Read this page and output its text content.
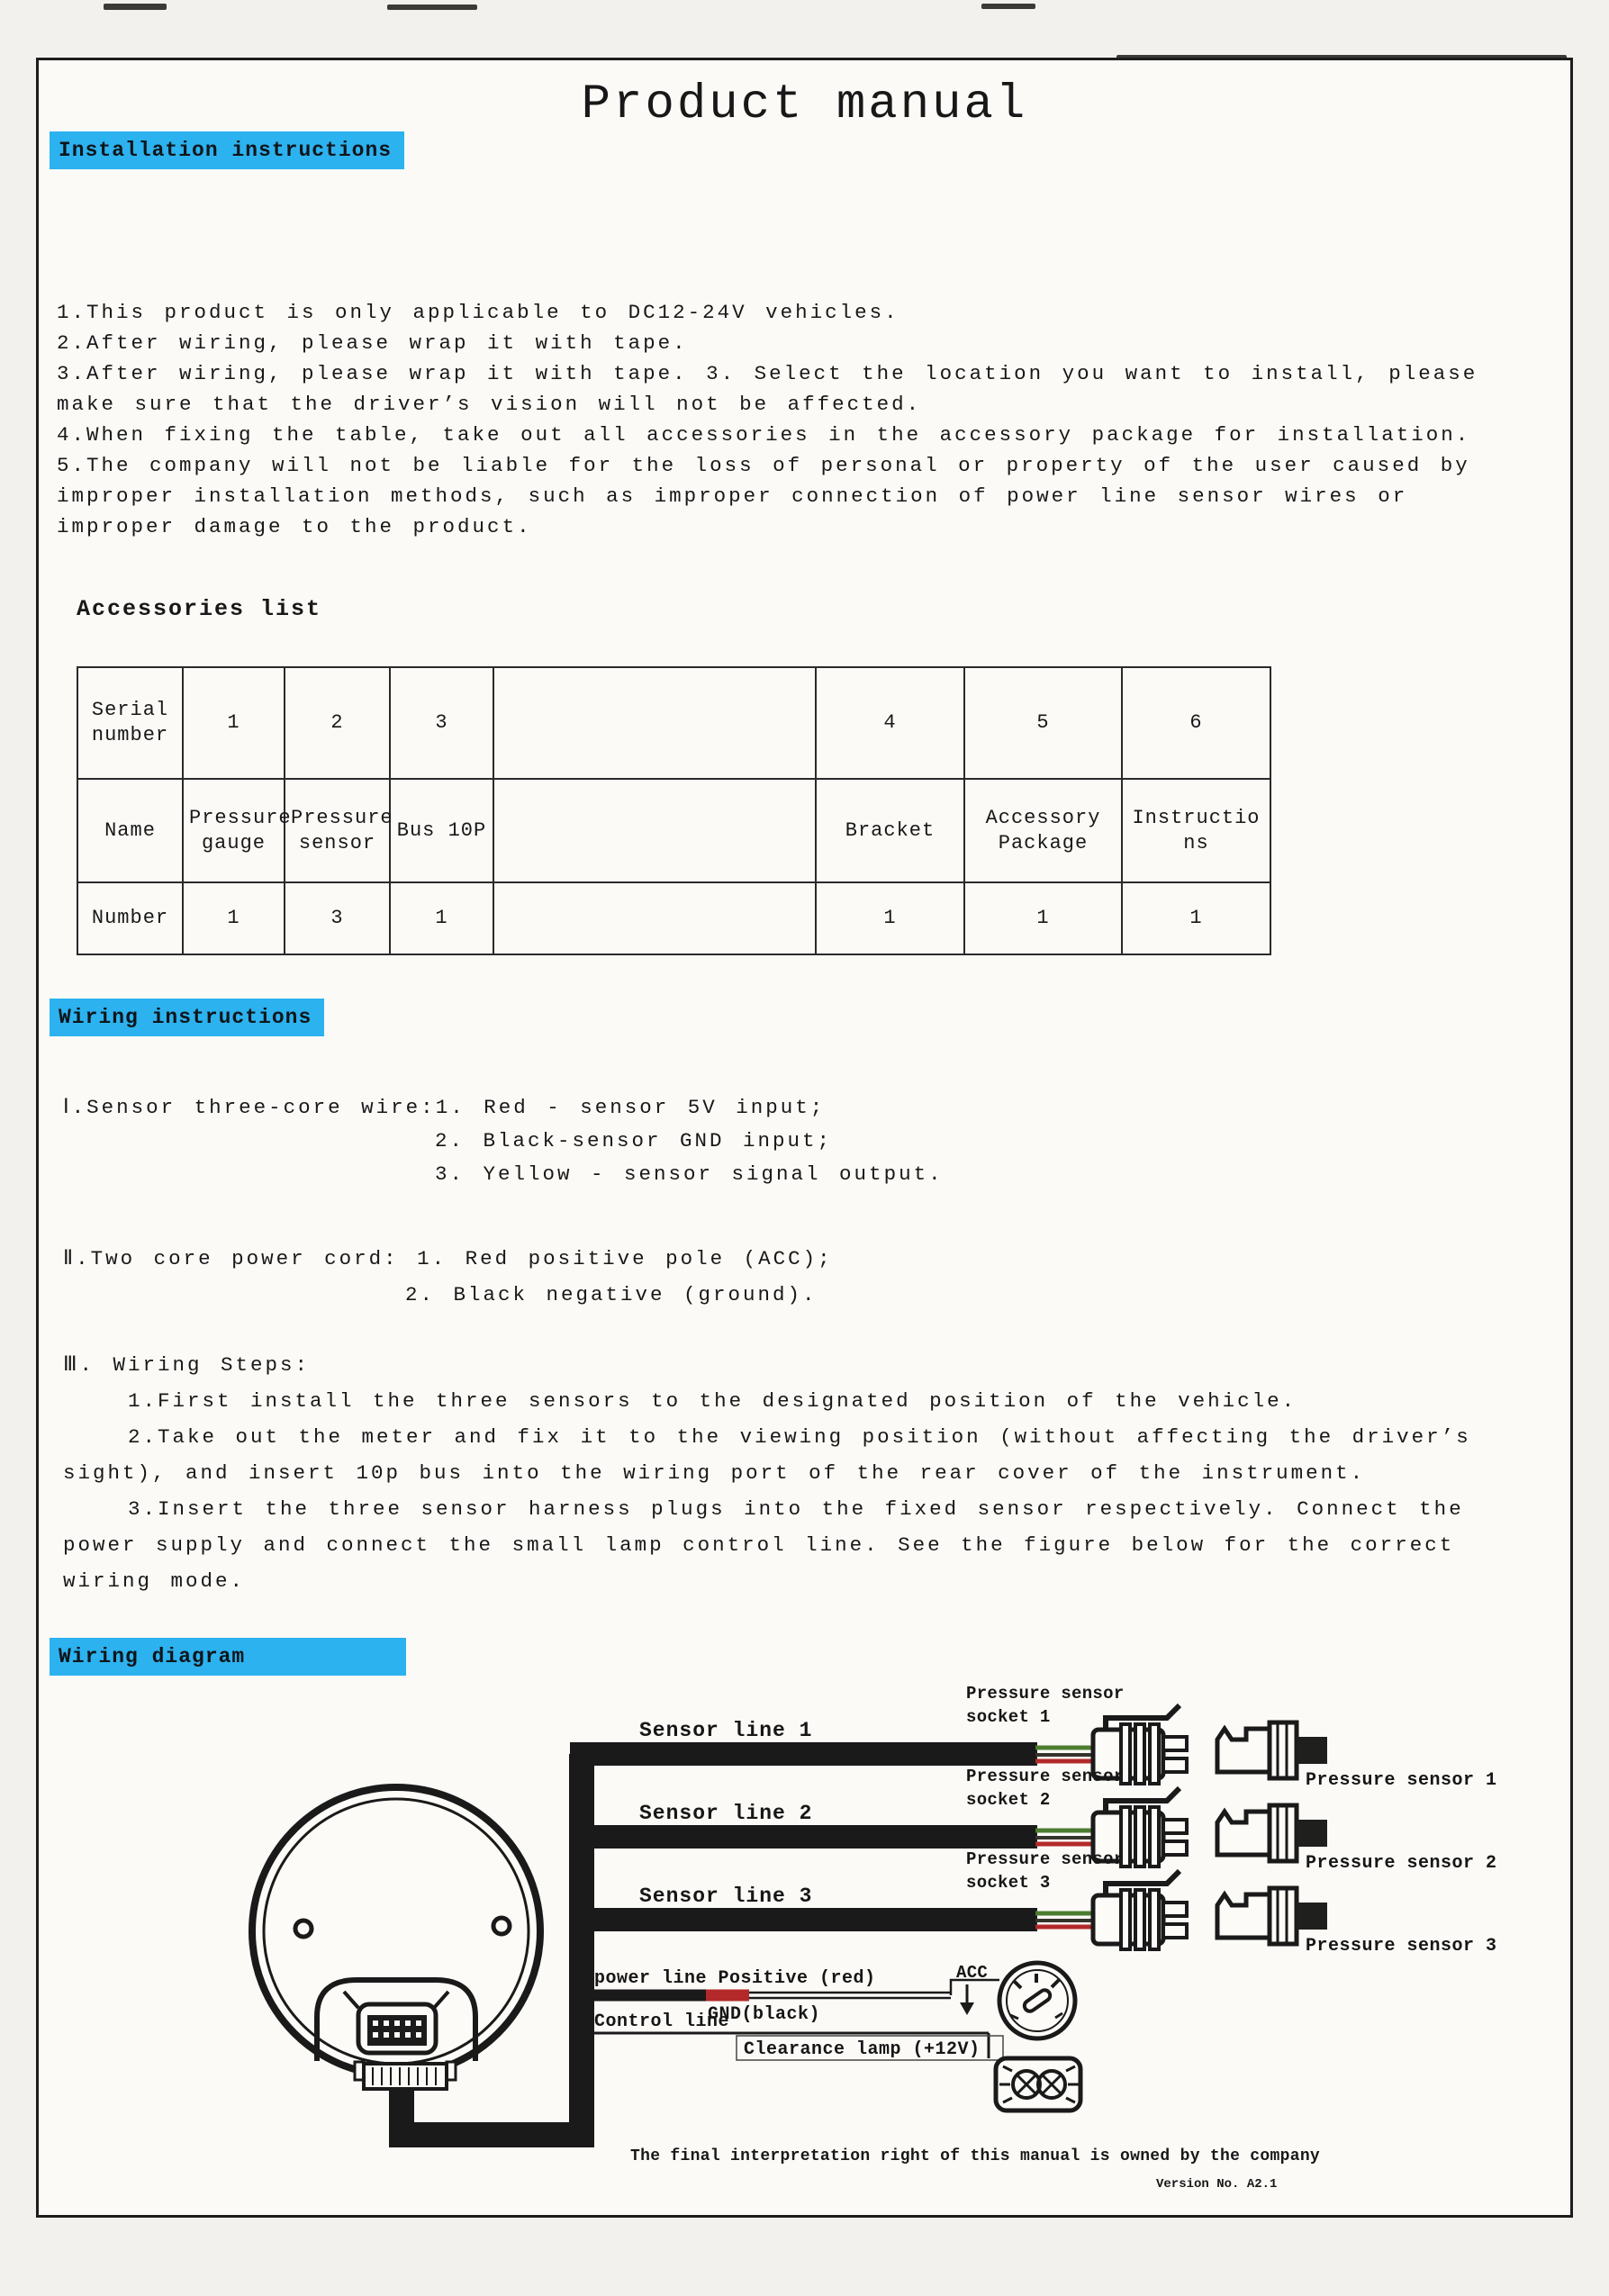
Product manual
Installation instructions
1.This product is only applicable to DC12-24V vehicles.
2.After wiring, please wrap it with tape.
3.After wiring, please wrap it with tape. 3. Select the location you want to install, please
make sure that the driver’s vision will not be affected.
4.When fixing the table, take out all accessories in the accessory package for installation.
5.The company will not be liable for the loss of personal or property of the user caused by
improper installation methods, such as improper connection of power line sensor wires or
improper damage to the product.
Accessories list
Serial number	1	2	3		4	5	6
Name	Pressure gauge	Pressure sensor	Bus 10P		Bracket	Accessory Package	Instructio ns
Number	1	3	1		1	1	1
Wiring instructions
Ⅰ.Sensor three-core wire:1. Red - sensor 5V input;
2. Black-sensor GND input;
3. Yellow - sensor signal output.
Ⅱ.Two core power cord: 1. Red positive pole (ACC);
2. Black negative (ground).
Ⅲ. Wiring Steps:
1.First install the three sensors to the designated position of the vehicle.
2.Take out the meter and fix it to the viewing position (without affecting the driver’s
sight), and insert 10p bus into the wiring port of the rear cover of the instrument.
3.Insert the three sensor harness plugs into the fixed sensor respectively. Connect the
power supply and connect the small lamp control line. See the figure below for the correct
wiring mode.
Wiring diagram
Sensor line 1
Sensor line 2
Sensor line 3
Pressure sensor
socket 1
Pressure sensor
socket 2
Pressure sensor
socket 3
Pressure sensor 1
Pressure sensor 2
Pressure sensor 3
power line Positive (red)
GND(black)
Control line
Clearance lamp (+12V)
ACC
The final interpretation right of this manual is owned by the company
Version No. A2.1
